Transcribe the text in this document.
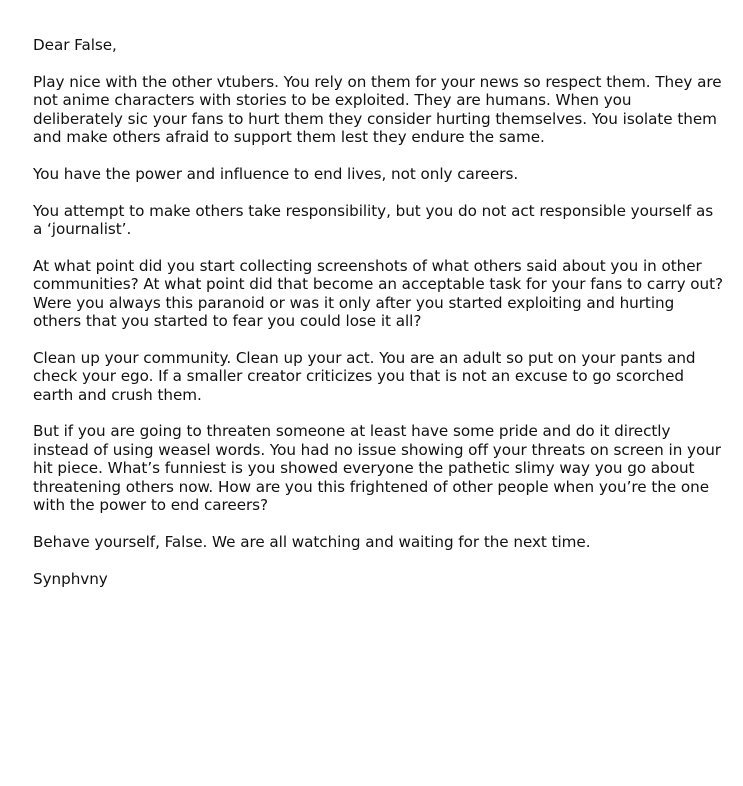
Dear False,

Play nice with the other vtubers. You rely on them for your news so respect them. They are not anime characters with stories to be exploited. They are humans. When you deliberately sic your fans to hurt them they consider hurting themselves. You isolate them and make others afraid to support them lest they endure the same.

You have the power and influence to end lives, not only careers.

You attempt to make others take responsibility, but you do not act responsible yourself as a ‘journalist’.

At what point did you start collecting screenshots of what others said about you in other communities? At what point did that become an acceptable task for your fans to carry out? Were you always this paranoid or was it only after you started exploiting and hurting others that you started to fear you could lose it all?

Clean up your community. Clean up your act. You are an adult so put on your pants and check your ego. If a smaller creator criticizes you that is not an excuse to go scorched earth and crush them.

But if you are going to threaten someone at least have some pride and do it directly instead of using weasel words. You had no issue showing off your threats on screen in your hit piece. What’s funniest is you showed everyone the pathetic slimy way you go about threatening others now. How are you this frightened of other people when you’re the one with the power to end careers?

Behave yourself, False. We are all watching and waiting for the next time.

Synphvny
